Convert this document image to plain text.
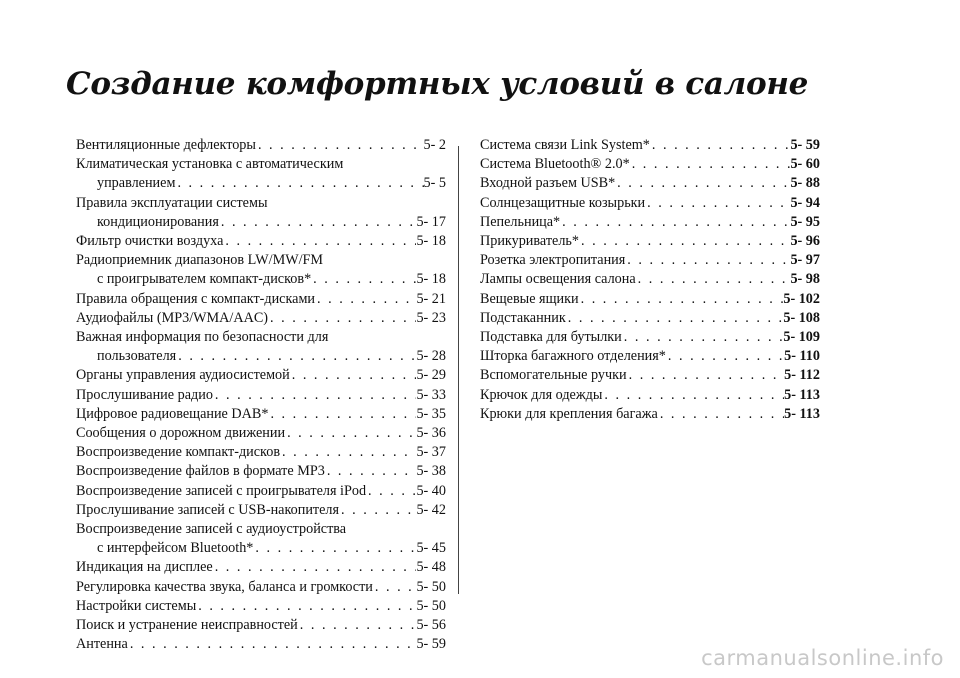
Создание комфортных условий в салоне
Вентиляционные дефлекторы . . .	5- 2
Климатическая установка с автоматическим
управлением . . .	5- 5
Правила эксплуатации системы
кондиционирования . . .	5- 17
Фильтр очистки воздуха . . .	5- 18
Радиоприемник диапазонов LW/MW/FM
с проигрывателем компакт-дисков* . . .	5- 18
Правила обращения с компакт-дисками . . .	5- 21
Аудиофайлы (MP3/WMA/AAC) . . .	5- 23
Важная информация по безопасности для
пользователя . . .	5- 28
Органы управления аудиосистемой . . .	5- 29
Прослушивание радио . . .	5- 33
Цифровое радиовещание DAB* . . .	5- 35
Сообщения о дорожном движении . . .	5- 36
Воспроизведение компакт-дисков . . .	5- 37
Воспроизведение файлов в формате MP3 . . .	5- 38
Воспроизведение записей с проигрывателя iPod . . .	5- 40
Прослушивание записей с USB-накопителя . . .	5- 42
Воспроизведение записей с аудиоустройства
с интерфейсом Bluetooth* . . .	5- 45
Индикация на дисплее . . .	5- 48
Регулировка качества звука, баланса и громкости . . .	5- 50
Настройки системы . . .	5- 50
Поиск и устранение неисправностей . . .	5- 56
Антенна . . .	5- 59
Система связи Link System* . . .	5- 59
Система Bluetooth® 2.0* . . .	5- 60
Входной разъем USB* . . .	5- 88
Солнцезащитные козырьки . . .	5- 94
Пепельница* . . .	5- 95
Прикуриватель* . . .	5- 96
Розетка электропитания . . .	5- 97
Лампы освещения салона . . .	5- 98
Вещевые ящики . . .	5- 102
Подстаканник . . .	5- 108
Подставка для бутылки . . .	5- 109
Шторка багажного отделения* . . .	5- 110
Вспомогательные ручки . . .	5- 112
Крючок для одежды . . .	5- 113
Крюки для крепления багажа . . .	5- 113
carmanualsonline.info
